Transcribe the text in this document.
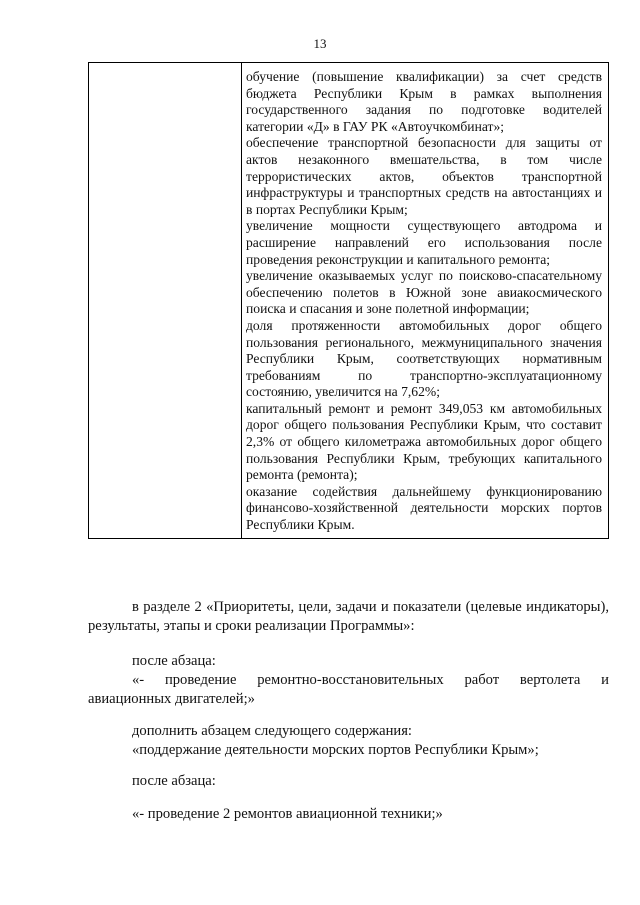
13

обучение (повышение квалификации) за счет средств бюджета Республики Крым в рамках выполнения государственного задания по подготовке водителей категории «Д» в ГАУ РК «Автоучкомбинат»;
обеспечение транспортной безопасности для защиты от актов незаконного вмешательства, в том числе террористических актов, объектов транспортной инфраструктуры и транспортных средств на автостанциях и в портах Республики Крым;
увеличение мощности существующего автодрома и расширение направлений его использования после проведения реконструкции и капитального ремонта;
увеличение оказываемых услуг по поисково-спасательному обеспечению полетов в Южной зоне авиакосмического поиска и спасания и зоне полетной информации;
доля протяженности автомобильных дорог общего пользования регионального, межмуниципального значения Республики Крым, соответствующих нормативным требованиям по транспортно-эксплуатационному состоянию, увеличится на 7,62%;
капитальный ремонт и ремонт 349,053 км автомобильных дорог общего пользования Республики Крым, что составит 2,3% от общего километража автомобильных дорог общего пользования Республики Крым, требующих капитального ремонта (ремонта);
оказание содействия дальнейшему функционированию финансово-хозяйственной деятельности морских портов Республики Крым.
в разделе 2 «Приоритеты, цели, задачи и показатели (целевые индикаторы), результаты, этапы и сроки реализации Программы»:
после абзаца:
«- проведение ремонтно-восстановительных работ вертолета и авиационных двигателей;»
дополнить абзацем следующего содержания:
«поддержание деятельности морских портов Республики Крым»;
после абзаца:
«- проведение 2 ремонтов авиационной техники;»
